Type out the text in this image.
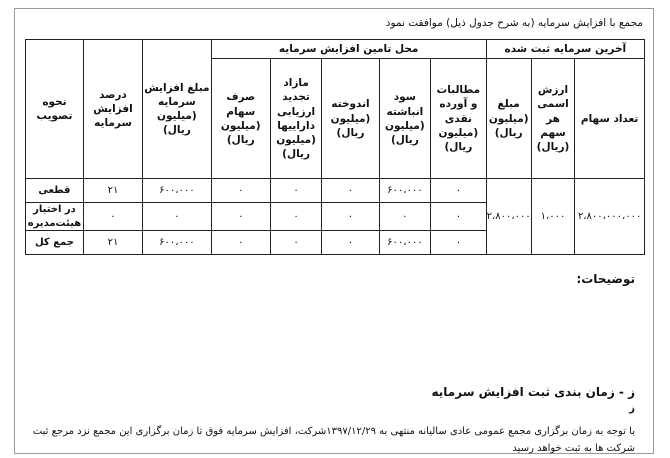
مجمع با افزایش سرمایه (به شرح جدول ذیل) موافقت نمود
آخرین سرمایه ثبت شده			محل تامین افزایش سرمایه					مبلغ افزایش سرمایه (میلیون ریال)	درصد افزایش سرمایه	نحوه تصویب
تعداد سهام	ارزش اسمی هر سهم (ریال)	مبلغ (میلیون ریال)	مطالبات و آورده نقدی (میلیون ریال)	سود انباشته (میلیون ریال)	اندوخته (میلیون ریال)	مازاد تجدید ارزیابی داراییها (میلیون ریال)	صرف سهام (میلیون ریال)			
۲،۸۰۰،۰۰۰،۰۰۰	۱،۰۰۰	۲،۸۰۰،۰۰۰	۰	۶۰۰،۰۰۰	۰	۰	۰	۶۰۰،۰۰۰	۲۱	قطعی
			۰	۰	۰	۰	۰	۰	۰	در اختیار هیئت‌مدیره
			۰	۶۰۰،۰۰۰	۰	۰	۰	۶۰۰،۰۰۰	۲۱	جمع کل
توضیحات:
ز - زمان بندی ثبت افزایش سرمایه
ز
با توجه به زمان برگزاری مجمع عمومی عادی سالیانه منتهی به ۱۳۹۷/۱۲/۲۹شرکت، افزایش سرمایه فوق تا زمان برگزاری این مجمع نزد مرجع ثبت شرکت ها به ثبت خواهد رسید
